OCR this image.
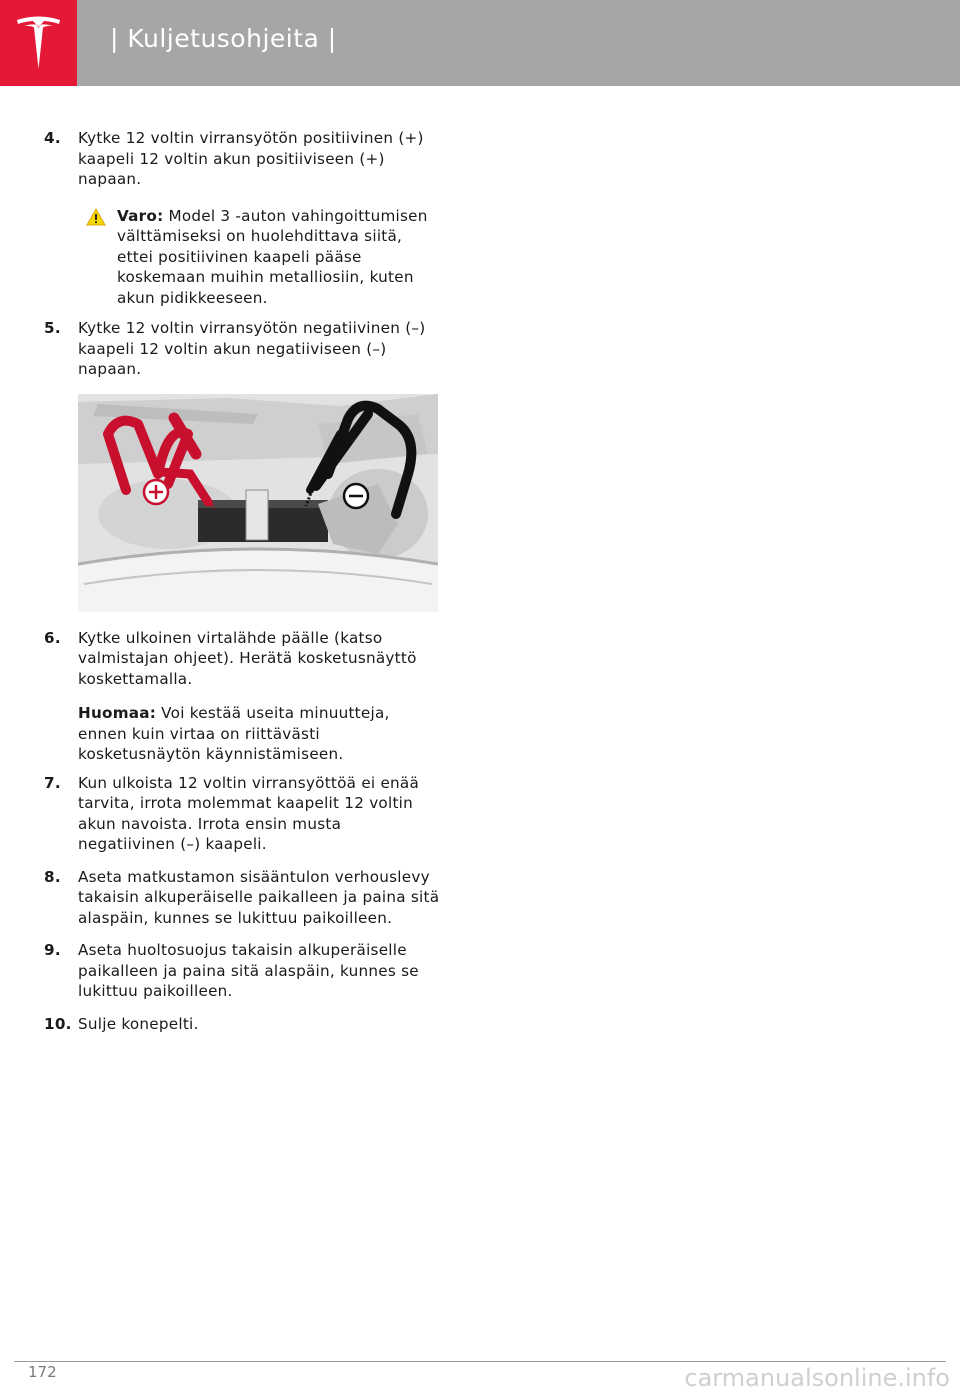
| Kuljetusohjeita |
4. Kytke 12 voltin virransyötön positiivinen (+) kaapeli 12 voltin akun positiiviseen (+) napaan.
Varo: Model 3 -auton vahingoittumisen välttämiseksi on huolehdittava siitä, ettei positiivinen kaapeli pääse koskemaan muihin metalliosiin, kuten akun pidikkeeseen.
5. Kytke 12 voltin virransyötön negatiivinen (–) kaapeli 12 voltin akun negatiiviseen (–) napaan.
6. Kytke ulkoinen virtalähde päälle (katso valmistajan ohjeet). Herätä kosketusnäyttö koskettamalla.
Huomaa: Voi kestää useita minuutteja, ennen kuin virtaa on riittävästi kosketusnäytön käynnistämiseen.
7. Kun ulkoista 12 voltin virransyöttöä ei enää tarvita, irrota molemmat kaapelit 12 voltin akun navoista. Irrota ensin musta negatiivinen (–) kaapeli.
8. Aseta matkustamon sisääntulon verhouslevy takaisin alkuperäiselle paikalleen ja paina sitä alaspäin, kunnes se lukittuu paikoilleen.
9. Aseta huoltosuojus takaisin alkuperäiselle paikalleen ja paina sitä alaspäin, kunnes se lukittuu paikoilleen.
10. Sulje konepelti.
172	carmanualsonline.info
